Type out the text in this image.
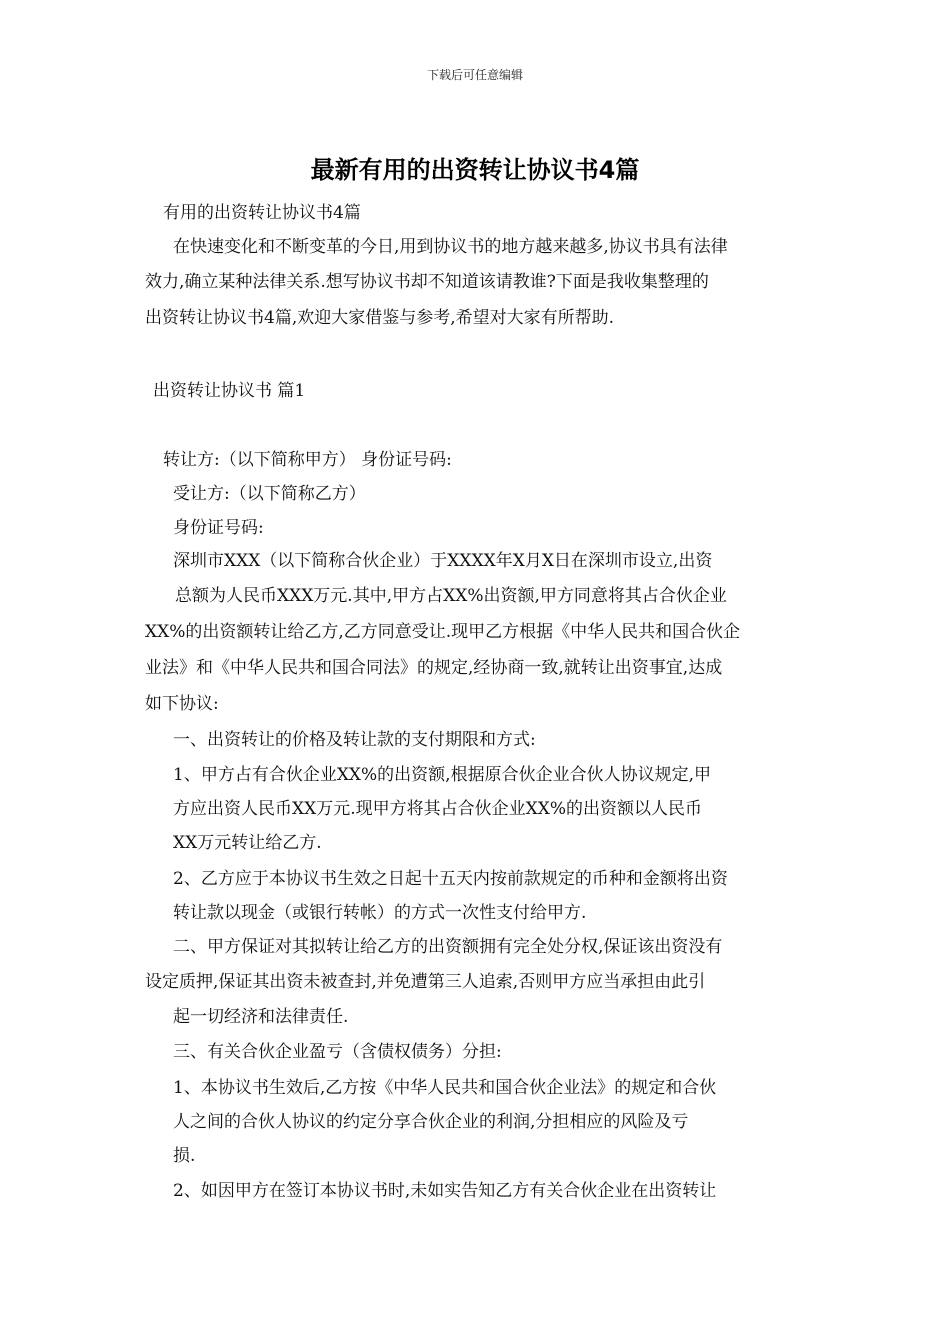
下载后可任意编辑
最新有用的出资转让协议书4篇
有用的出资转让协议书4篇
在快速变化和不断变革的今日,用到协议书的地方越来越多,协议书具有法律
效力,确立某种法律关系.想写协议书却不知道该请教谁?下面是我收集整理的
出资转让协议书4篇,欢迎大家借鉴与参考,希望对大家有所帮助.
出资转让协议书 篇1
转让方:（以下简称甲方） 身份证号码:
受让方:（以下简称乙方）
身份证号码:
深圳市XXX（以下简称合伙企业）于XXXX年X月X日在深圳市设立,出资
总额为人民币XXX万元.其中,甲方占XX%出资额,甲方同意将其占合伙企业
XX%的出资额转让给乙方,乙方同意受让.现甲乙方根据《中华人民共和国合伙企
业法》和《中华人民共和国合同法》的规定,经协商一致,就转让出资事宜,达成
如下协议:
一、出资转让的价格及转让款的支付期限和方式:
1、甲方占有合伙企业XX%的出资额,根据原合伙企业合伙人协议规定,甲
方应出资人民币XX万元.现甲方将其占合伙企业XX%的出资额以人民币
XX万元转让给乙方.
2、乙方应于本协议书生效之日起十五天内按前款规定的币种和金额将出资
转让款以现金（或银行转帐）的方式一次性支付给甲方.
二、甲方保证对其拟转让给乙方的出资额拥有完全处分权,保证该出资没有
设定质押,保证其出资未被查封,并免遭第三人追索,否则甲方应当承担由此引
起一切经济和法律责任.
三、有关合伙企业盈亏（含债权债务）分担:
1、本协议书生效后,乙方按《中华人民共和国合伙企业法》的规定和合伙
人之间的合伙人协议的约定分享合伙企业的利润,分担相应的风险及亏
损.
2、如因甲方在签订本协议书时,未如实告知乙方有关合伙企业在出资转让
